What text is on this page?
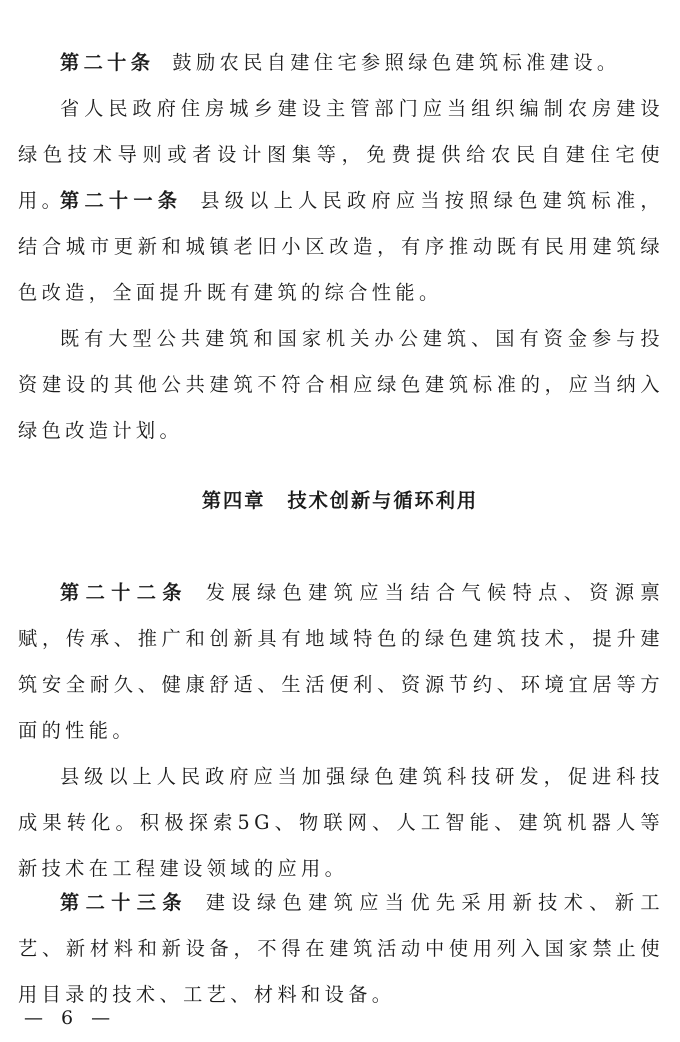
第二十条 鼓励农民自建住宅参照绿色建筑标准建设。

省人民政府住房城乡建设主管部门应当组织编制农房建设绿色技术导则或者设计图集等，免费提供给农民自建住宅使用。

第二十一条 县级以上人民政府应当按照绿色建筑标准，结合城市更新和城镇老旧小区改造，有序推动既有民用建筑绿色改造，全面提升既有建筑的综合性能。

既有大型公共建筑和国家机关办公建筑、国有资金参与投资建设的其他公共建筑不符合相应绿色建筑标准的，应当纳入绿色改造计划。

第四章 技术创新与循环利用

第二十二条 发展绿色建筑应当结合气候特点、资源禀赋，传承、推广和创新具有地域特色的绿色建筑技术，提升建筑安全耐久、健康舒适、生活便利、资源节约、环境宜居等方面的性能。

县级以上人民政府应当加强绿色建筑科技研发，促进科技成果转化。积极探索5G、物联网、人工智能、建筑机器人等新技术在工程建设领域的应用。

第二十三条 建设绿色建筑应当优先采用新技术、新工艺、新材料和新设备，不得在建筑活动中使用列入国家禁止使用目录的技术、工艺、材料和设备。

— 6 —
